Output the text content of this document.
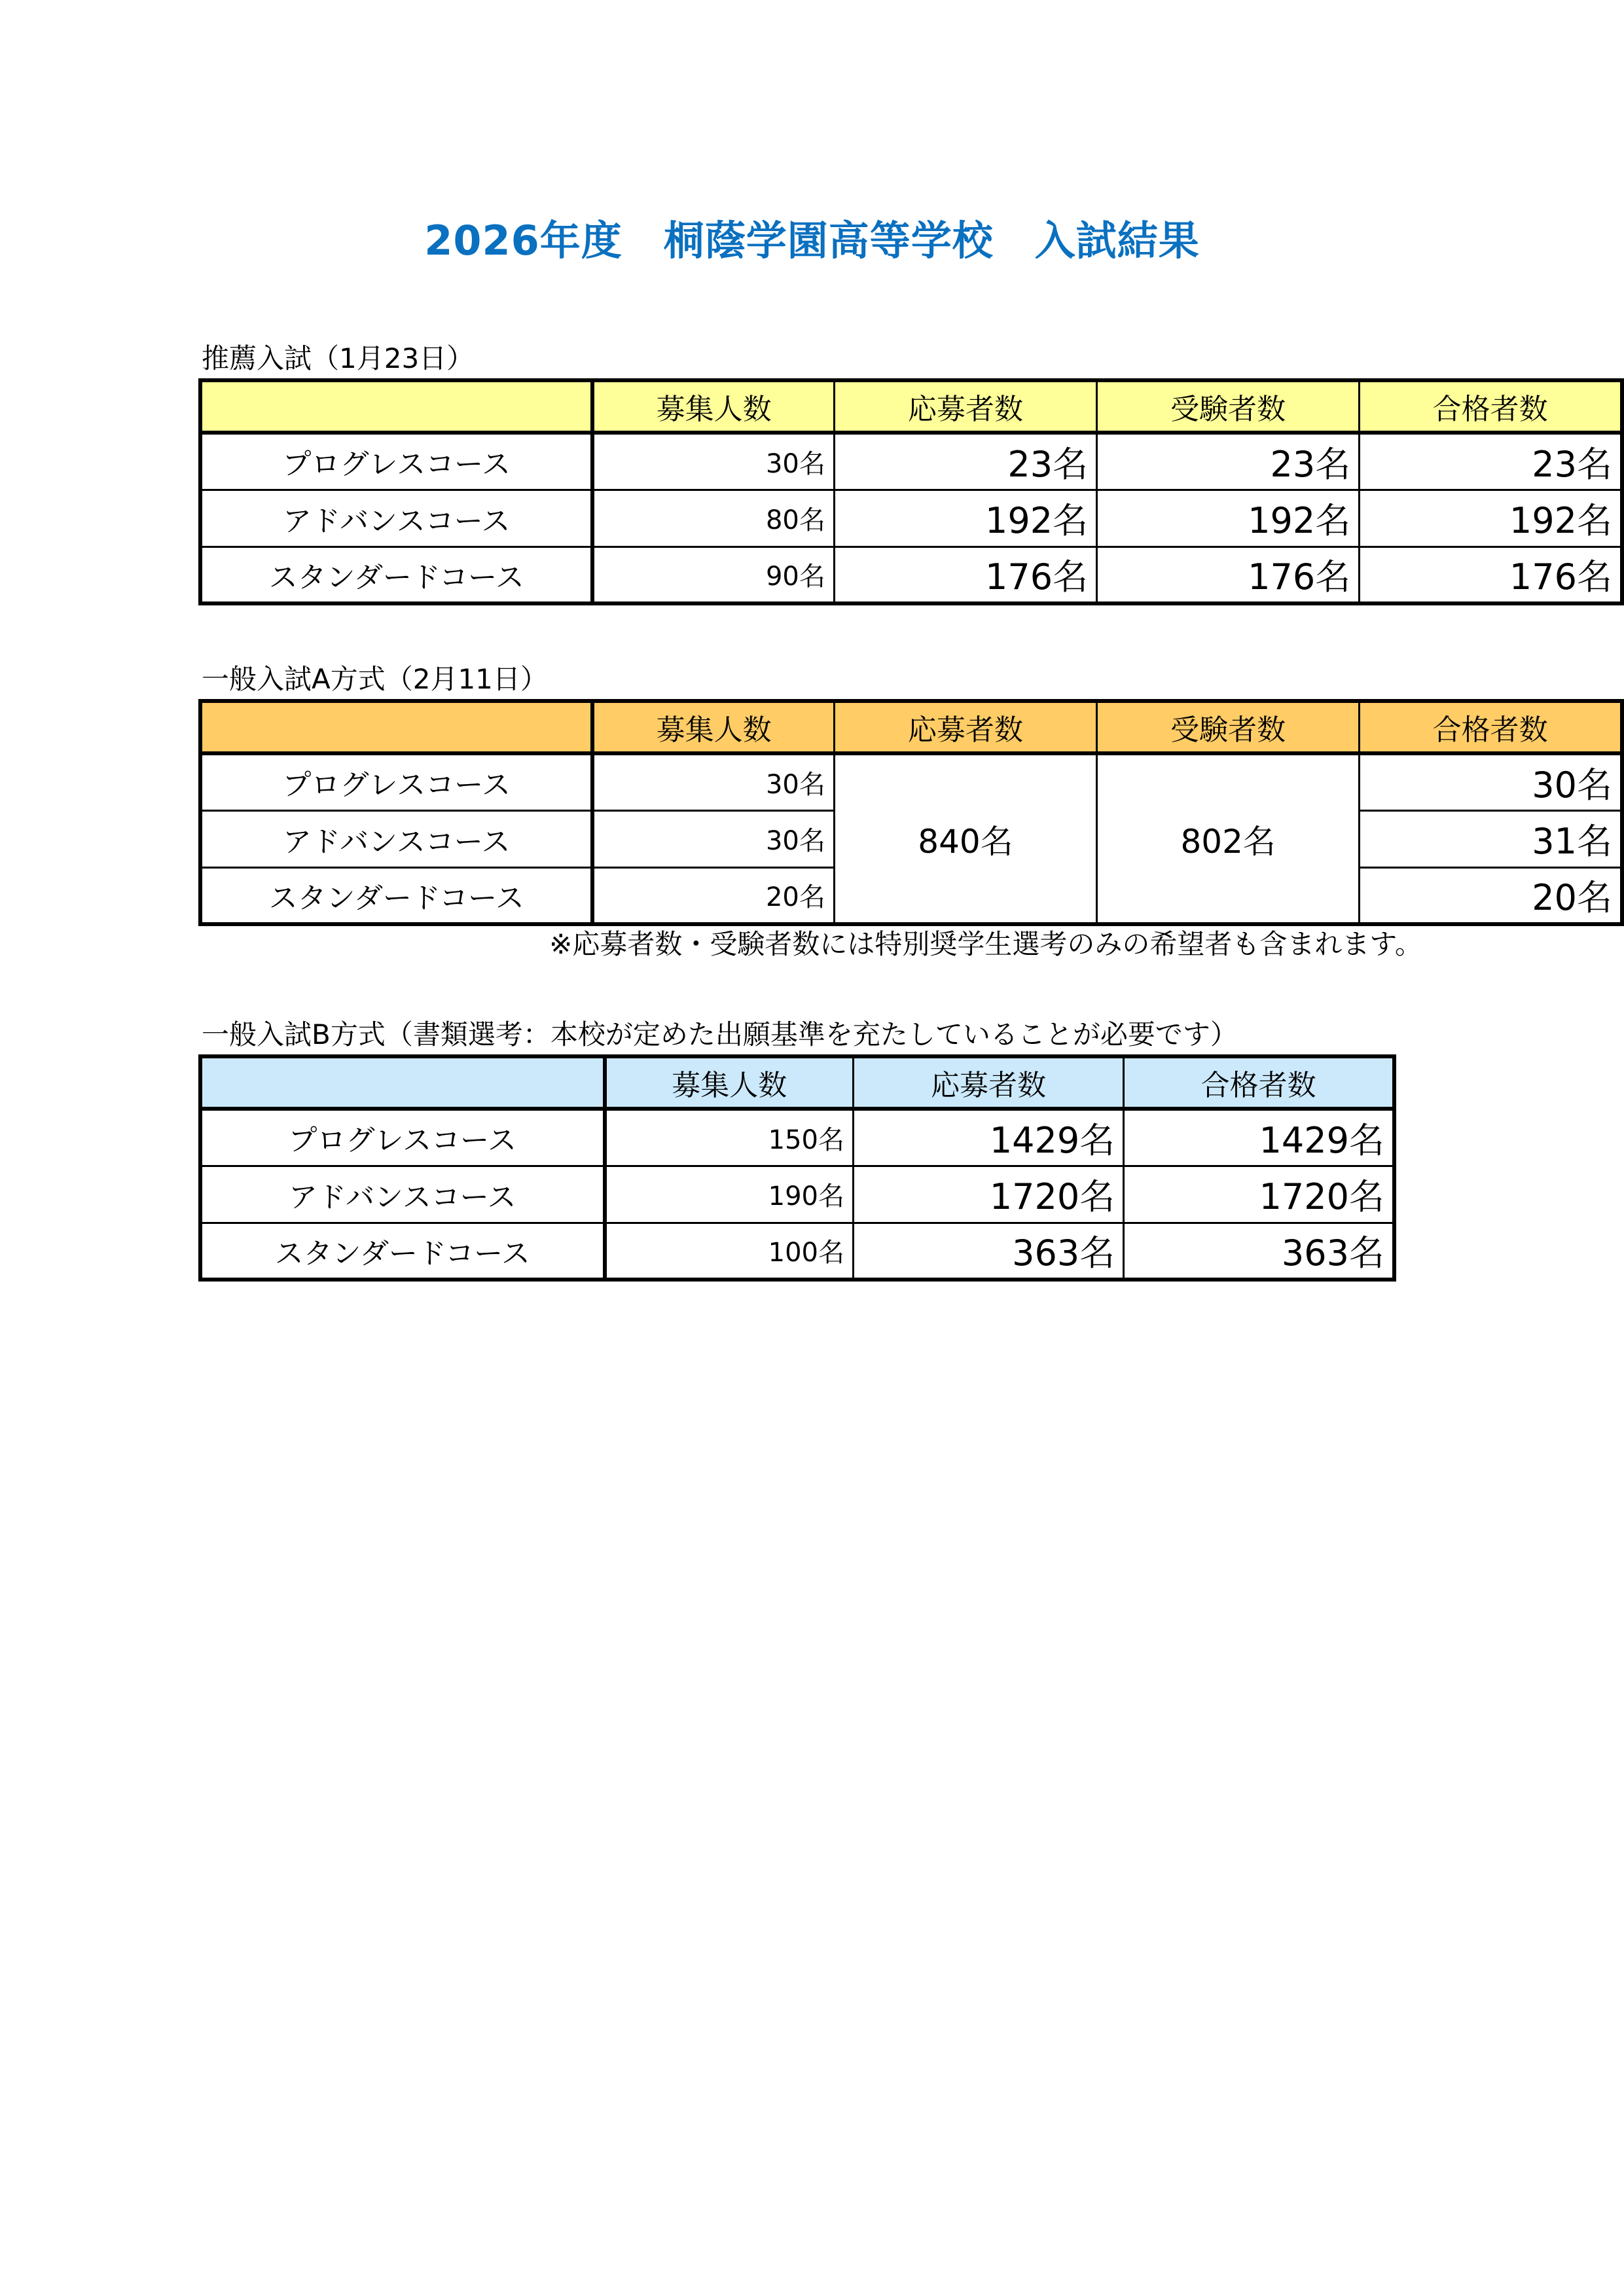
2026年度　桐蔭学園高等学校　入試結果
推薦入試（1月23日）
	募集人数	応募者数	受験者数	合格者数
プログレスコース	30名	23名	23名	23名
アドバンスコース	80名	192名	192名	192名
スタンダードコース	90名	176名	176名	176名
一般入試A方式（2月11日）
	募集人数	応募者数	受験者数	合格者数
プログレスコース	30名	840名	802名	30名
アドバンスコース	30名			31名
スタンダードコース	20名			20名
※応募者数・受験者数には特別奨学生選考のみの希望者も含まれます。
一般入試B方式（書類選考：本校が定めた出願基準を充たしていることが必要です）
	募集人数	応募者数	合格者数
プログレスコース	150名	1429名	1429名
アドバンスコース	190名	1720名	1720名
スタンダードコース	100名	363名	363名
